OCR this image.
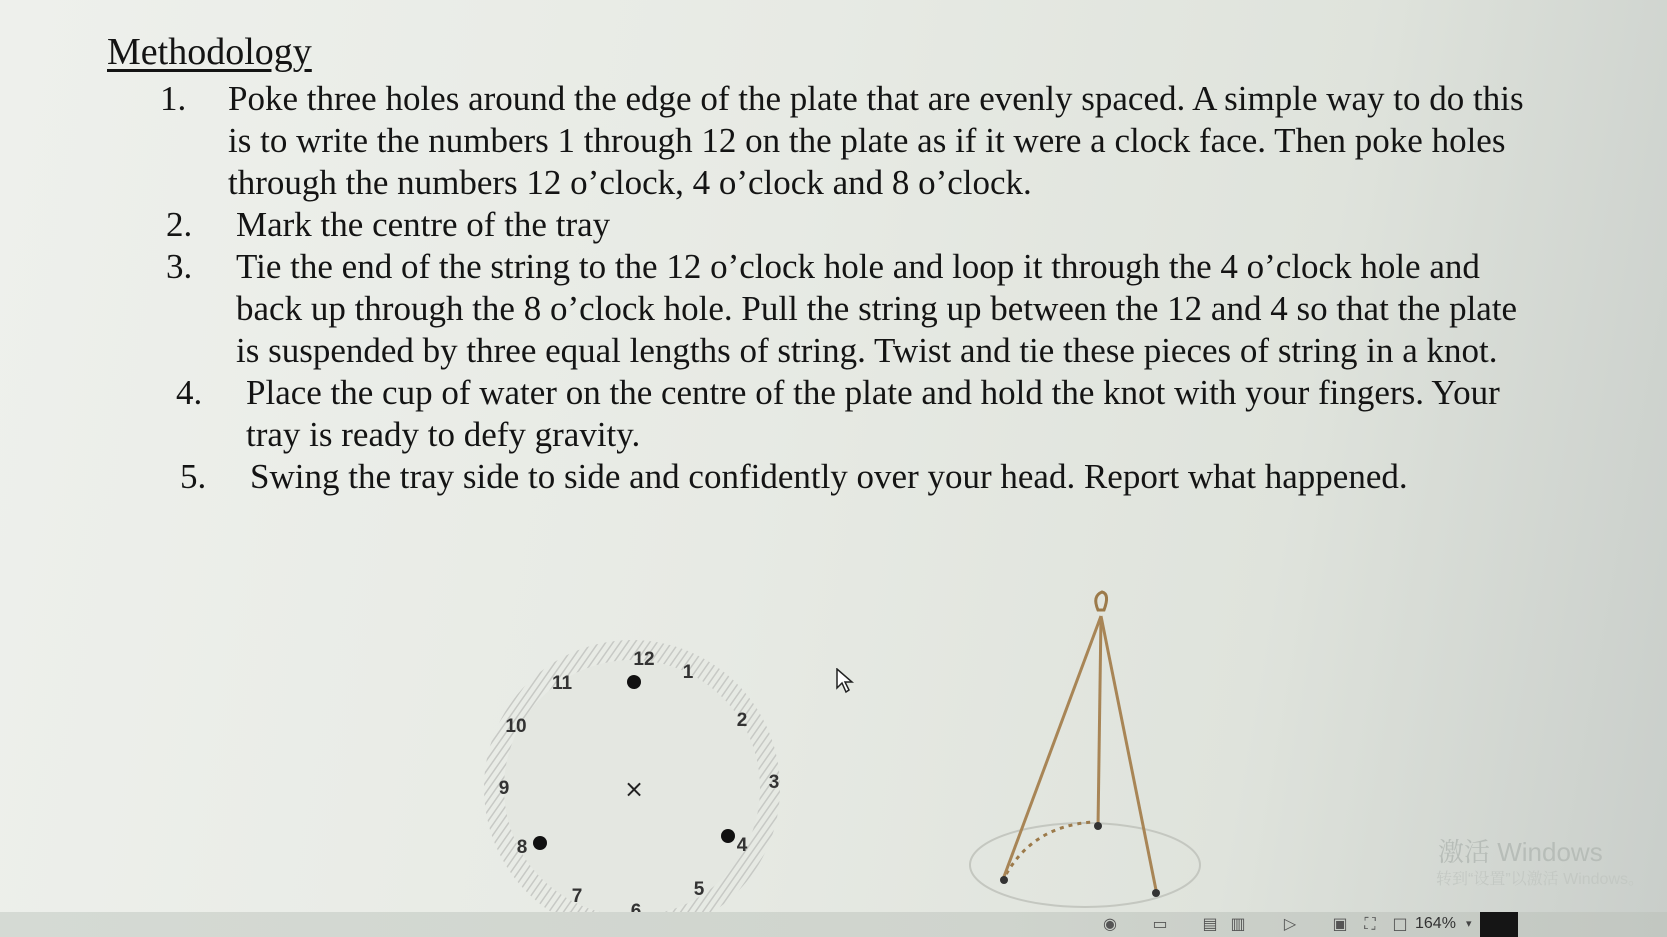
Methodology
1.	Poke three holes around the edge of the plate that are evenly spaced. A simple way to do this is to write the numbers 1 through 12 on the plate as if it were a clock face. Then poke holes through the numbers 12 o’clock, 4 o’clock and 8 o’clock.
2.	Mark the centre of the tray
3.	Tie the end of the string to the 12 o’clock hole and loop it through the 4 o’clock hole and back up through the 8 o’clock hole. Pull the string up between the 12 and 4 so that the plate is suspended by three equal lengths of string. Twist and tie these pieces of string in a knot.
4.	Place the cup of water on the centre of the plate and hold the knot with your fingers. Your tray is ready to defy gravity.
5.	Swing the tray side to side and confidently over your head. Report what happened.
12
1
2
3
4
5
7
8
9
10
11
×
激活 Windows
转到“设置”以激活 Windows。
◉ ▭ ▤ ▥ ▷ ▣ ⛶ □ 164% ▾
